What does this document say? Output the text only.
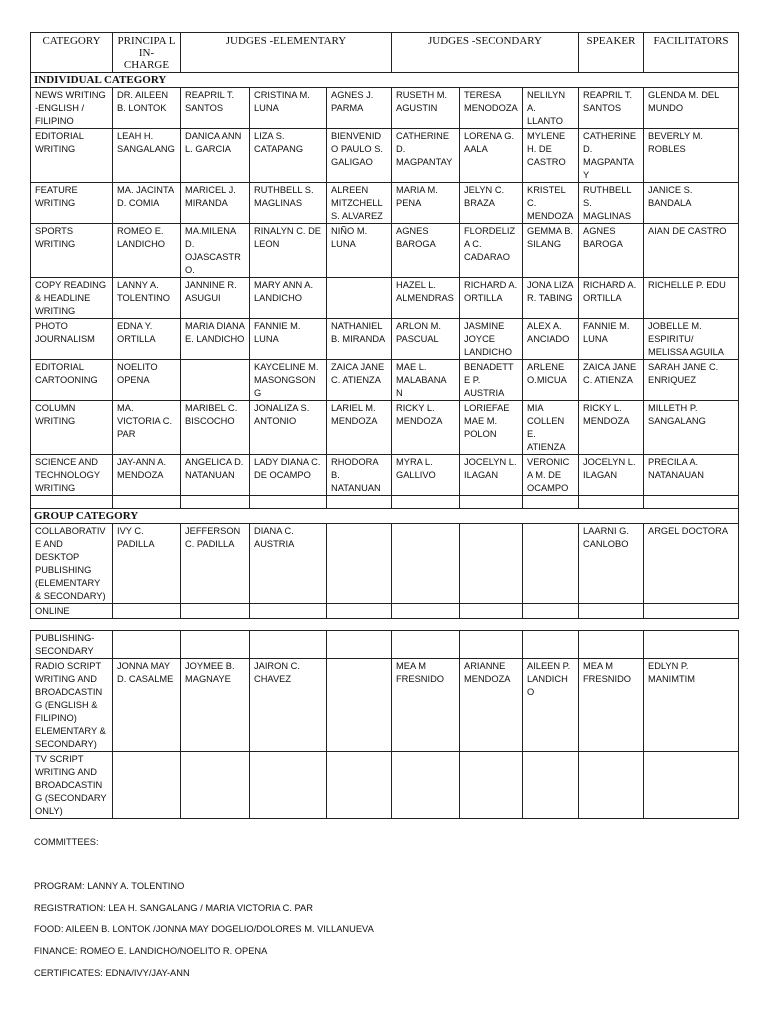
CATEGORY	PRINCIPA L IN-CHARGE	JUDGES -ELEMENTARY			JUDGES -SECONDARY			SPEAKER	FACILITATORS
INDIVIDUAL CATEGORY									
NEWS WRITING -ENGLISH / FILIPINO	DR. AILEEN B. LONTOK	REAPRIL T. SANTOS	CRISTINA M. LUNA	AGNES J. PARMA	RUSETH M. AGUSTIN	TERESA MENODOZA	NELILYN A. LLANTO	REAPRIL T. SANTOS	GLENDA M. DEL MUNDO
EDITORIAL WRITING	LEAH H. SANGALANG	DANICA ANN L. GARCIA	LIZA S. CATAPANG	BIENVENIDO PAULO S. GALIGAO	CATHERINE D. MAGPANTAY	LORENA G. AALA	MYLENE H. DE CASTRO	CATHERINE D. MAGPANTAY	BEVERLY M. ROBLES
FEATURE WRITING	MA. JACINTA D. COMIA	MARICEL J. MIRANDA	RUTHBELL S. MAGLINAS	ALREEN MITZCHELL S. ALVAREZ	MARIA M. PENA	JELYN C. BRAZA	KRISTEL C. MENDOZA	RUTHBELL S. MAGLINAS	JANICE S. BANDALA
SPORTS WRITING	ROMEO E. LANDICHO	MA.MILENA D. OJASCASTRO.	RINALYN C. DE LEON	NIÑO M. LUNA	AGNES BAROGA	FLORDELIZA C. CADARAO	GEMMA B. SILANG	AGNES BAROGA	AIAN DE CASTRO
COPY READING & HEADLINE WRITING	LANNY A. TOLENTINO	JANNINE R. ASUGUI	MARY ANN A. LANDICHO		HAZEL L. ALMENDRAS	RICHARD A. ORTILLA	JONA LIZA R. TABING	RICHARD A. ORTILLA	RICHELLE P. EDU
PHOTO JOURNALISM	EDNA Y. ORTILLA	MARIA DIANA E. LANDICHO	FANNIE M. LUNA	NATHANIEL B. MIRANDA	ARLON M. PASCUAL	JASMINE JOYCE LANDICHO	ALEX A. ANCIADO	FANNIE M. LUNA	JOBELLE M. ESPIRITU/ MELISSA AGUILA
EDITORIAL CARTOONING	NOELITO OPENA		KAYCELINE M. MASONGSON G	ZAICA JANE C. ATIENZA	MAE L. MALABANA N	BENADETTE P. AUSTRIA	ARLENE O.MICUA	ZAICA JANE C. ATIENZA	SARAH JANE C. ENRIQUEZ
COLUMN WRITING	MA. VICTORIA C. PAR	MARIBEL C. BISCOCHO	JONALIZA S. ANTONIO	LARIEL M. MENDOZA	RICKY L. MENDOZA	LORIEFAE MAE M. POLON	MIA COLLEN E. ATIENZA	RICKY L. MENDOZA	MILLETH P. SANGALANG
SCIENCE AND TECHNOLOGY WRITING	JAY-ANN A. MENDOZA	ANGELICA D. NATANUAN	LADY DIANA C. DE OCAMPO	RHODORA B. NATANUAN	MYRA L. GALLIVO	JOCELYN L. ILAGAN	VERONICA M. DE OCAMPO	JOCELYN L. ILAGAN	PRECILA A. NATANAUAN

GROUP CATEGORY									
COLLABORATIV E AND DESKTOP PUBLISHING (ELEMENTARY & SECONDARY)	IVY C. PADILLA	JEFFERSON C. PADILLA	DIANA C. AUSTRIA					LAARNI G. CANLOBO	ARGEL DOCTORA
ONLINE									
PUBLISHING-SECONDARY									
RADIO SCRIPT WRITING AND BROADCASTING (ENGLISH & FILIPINO) ELEMENTARY & SECONDARY)	JONNA MAY D. CASALME	JOYMEE B. MAGNAYE	JAIRON C. CHAVEZ		MEA M FRESNIDO	ARIANNE MENDOZA	AILEEN P. LANDICHO	MEA M FRESNIDO	EDLYN P. MANIMTIM
TV SCRIPT WRITING AND BROADCASTING (SECONDARY ONLY)									
COMMITTEES:
PROGRAM: LANNY A. TOLENTINO
REGISTRATION: LEA H. SANGALANG / MARIA VICTORIA C. PAR
FOOD: AILEEN B. LONTOK /JONNA MAY DOGELIO/DOLORES M. VILLANUEVA
FINANCE: ROMEO E. LANDICHO/NOELITO R. OPENA
CERTIFICATES: EDNA/IVY/JAY-ANN
